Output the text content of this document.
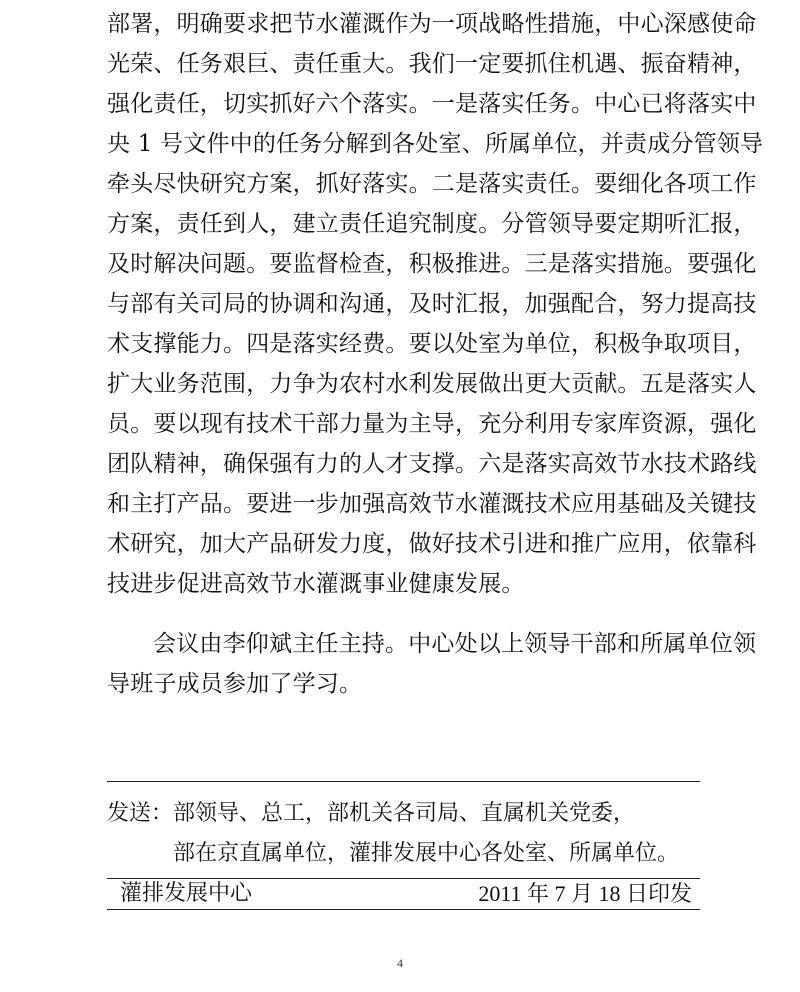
部署，明确要求把节水灌溉作为一项战略性措施，中心深感使命
光荣、任务艰巨、责任重大。我们一定要抓住机遇、振奋精神，
强化责任，切实抓好六个落实。一是落实任务。中心已将落实中
央 1 号文件中的任务分解到各处室、所属单位，并责成分管领导
牵头尽快研究方案，抓好落实。二是落实责任。要细化各项工作
方案，责任到人，建立责任追究制度。分管领导要定期听汇报，
及时解决问题。要监督检查，积极推进。三是落实措施。要强化
与部有关司局的协调和沟通，及时汇报，加强配合，努力提高技
术支撑能力。四是落实经费。要以处室为单位，积极争取项目，
扩大业务范围，力争为农村水利发展做出更大贡献。五是落实人
员。要以现有技术干部力量为主导，充分利用专家库资源，强化
团队精神，确保强有力的人才支撑。六是落实高效节水技术路线
和主打产品。要进一步加强高效节水灌溉技术应用基础及关键技
术研究，加大产品研发力度，做好技术引进和推广应用，依靠科
技进步促进高效节水灌溉事业健康发展。
会议由李仰斌主任主持。中心处以上领导干部和所属单位领
导班子成员参加了学习。
发送：部领导、总工，部机关各司局、直属机关党委，
部在京直属单位，灌排发展中心各处室、所属单位。
灌排发展中心	2011 年 7 月 18 日印发
4
